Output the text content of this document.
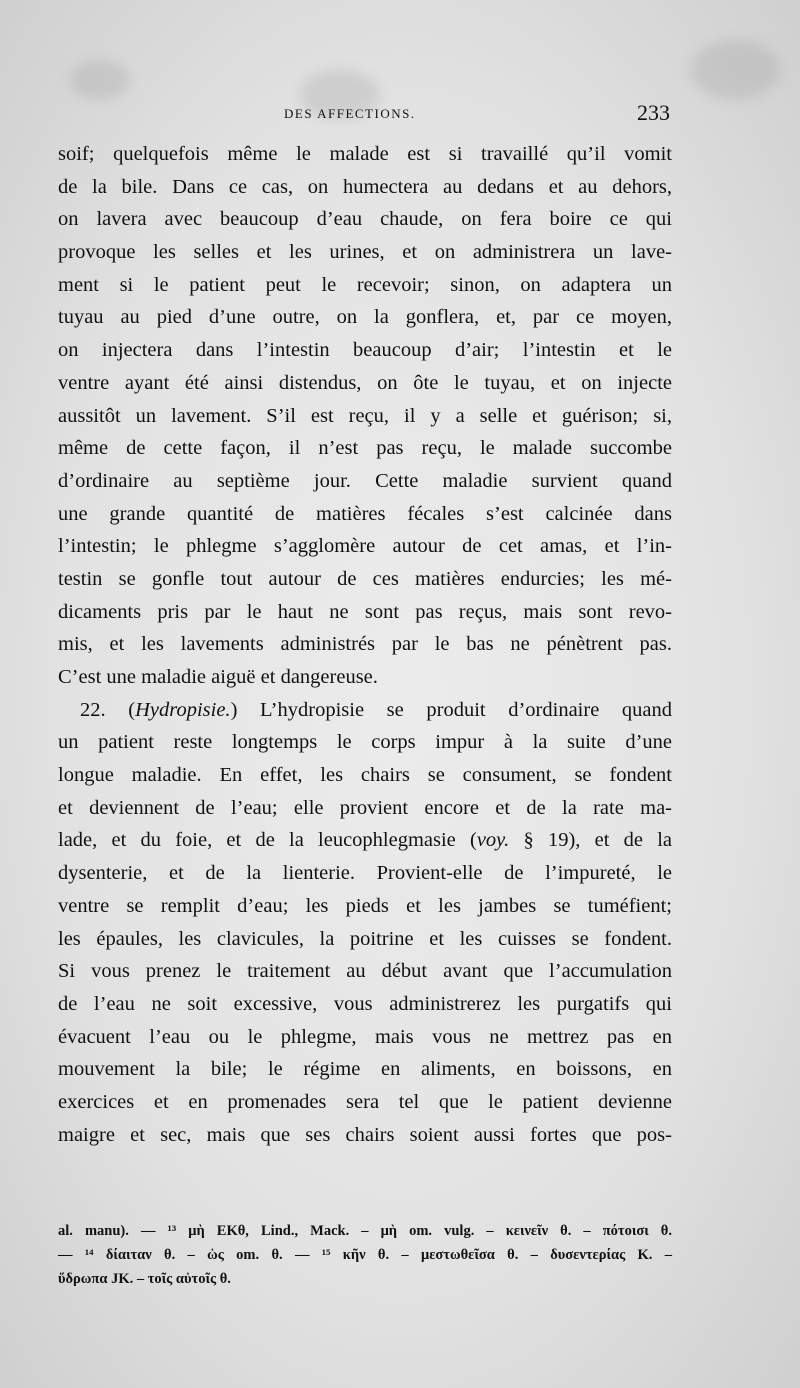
DES AFFECTIONS.	233
soif; quelquefois même le malade est si travaillé qu’il vomit
de la bile. Dans ce cas, on humectera au dedans et au dehors,
on lavera avec beaucoup d’eau chaude, on fera boire ce qui
provoque les selles et les urines, et on administrera un lave-
ment si le patient peut le recevoir; sinon, on adaptera un
tuyau au pied d’une outre, on la gonflera, et, par ce moyen,
on injectera dans l’intestin beaucoup d’air; l’intestin et le
ventre ayant été ainsi distendus, on ôte le tuyau, et on injecte
aussitôt un lavement. S’il est reçu, il y a selle et guérison; si,
même de cette façon, il n’est pas reçu, le malade succombe
d’ordinaire au septième jour. Cette maladie survient quand
une grande quantité de matières fécales s’est calcinée dans
l’intestin; le phlegme s’agglomère autour de cet amas, et l’in-
testin se gonfle tout autour de ces matières endurcies; les mé-
dicaments pris par le haut ne sont pas reçus, mais sont revo-
mis, et les lavements administrés par le bas ne pénètrent pas.
C’est une maladie aiguë et dangereuse.
22. (Hydropisie.) L’hydropisie se produit d’ordinaire quand
un patient reste longtemps le corps impur à la suite d’une
longue maladie. En effet, les chairs se consument, se fondent
et deviennent de l’eau; elle provient encore et de la rate ma-
lade, et du foie, et de la leucophlegmasie (voy. § 19), et de la
dysenterie, et de la lienterie. Provient-elle de l’impureté, le
ventre se remplit d’eau; les pieds et les jambes se tuméfient;
les épaules, les clavicules, la poitrine et les cuisses se fondent.
Si vous prenez le traitement au début avant que l’accumulation
de l’eau ne soit excessive, vous administrerez les purgatifs qui
évacuent l’eau ou le phlegme, mais vous ne mettrez pas en
mouvement la bile; le régime en aliments, en boissons, en
exercices et en promenades sera tel que le patient devienne
maigre et sec, mais que ses chairs soient aussi fortes que pos-
al. manu). — ¹³ μὴ EKθ, Lind., Mack. – μὴ om. vulg. – κεινεῖν θ. – πότοισι θ.
— ¹⁴ δίαιταν θ. – ὡς om. θ. — ¹⁵ κῆν θ. – μεστωθεῖσα θ. – δυσεντερίας K. –
ὕδρωπα JK. – τοῖς αὐτοῖς θ.
